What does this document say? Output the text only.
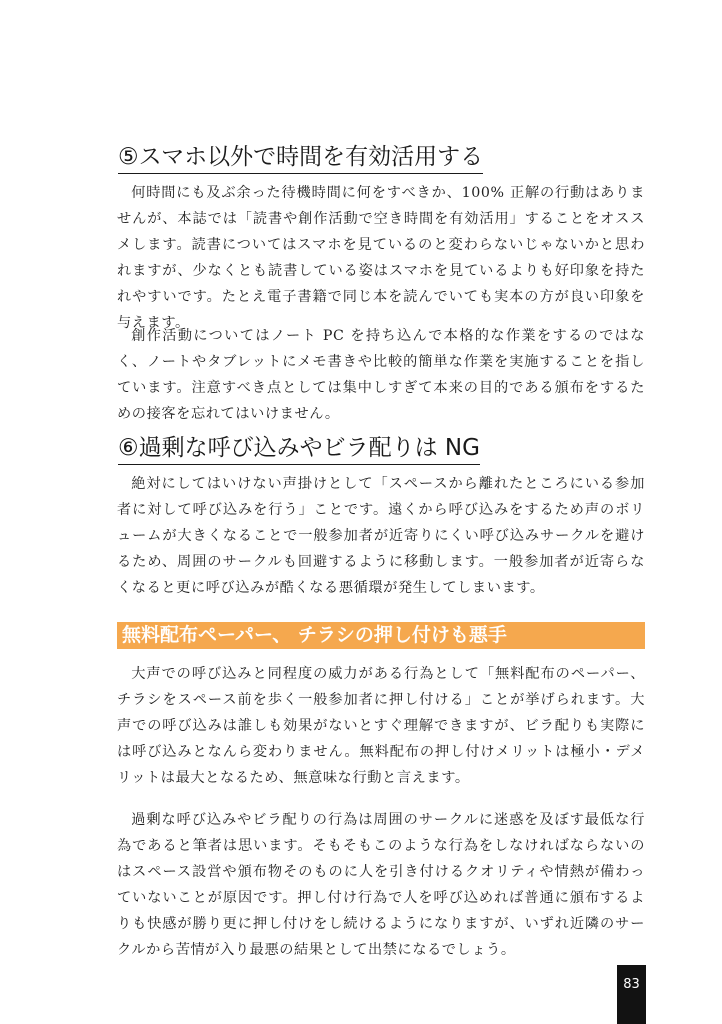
⑤スマホ以外で時間を有効活用する

何時間にも及ぶ余った待機時間に何をすべきか、100% 正解の行動はありませんが、本誌では「読書や創作活動で空き時間を有効活用」することをオススメします。読書についてはスマホを見ているのと変わらないじゃないかと思われますが、少なくとも読書している姿はスマホを見ているよりも好印象を持たれやすいです。たとえ電子書籍で同じ本を読んでいても実本の方が良い印象を与えます。

創作活動についてはノート PC を持ち込んで本格的な作業をするのではなく、ノートやタブレットにメモ書きや比較的簡単な作業を実施することを指しています。注意すべき点としては集中しすぎて本来の目的である頒布をするための接客を忘れてはいけません。

⑥過剰な呼び込みやビラ配りは NG

絶対にしてはいけない声掛けとして「スペースから離れたところにいる参加者に対して呼び込みを行う」ことです。遠くから呼び込みをするため声のボリュームが大きくなることで一般参加者が近寄りにくい呼び込みサークルを避けるため、周囲のサークルも回避するように移動します。一般参加者が近寄らなくなると更に呼び込みが酷くなる悪循環が発生してしまいます。

無料配布ペーパー、 チラシの押し付けも悪手

大声での呼び込みと同程度の威力がある行為として「無料配布のペーパー、チラシをスペース前を歩く一般参加者に押し付ける」ことが挙げられます。大声での呼び込みは誰しも効果がないとすぐ理解できますが、ビラ配りも実際には呼び込みとなんら変わりません。無料配布の押し付けメリットは極小・デメリットは最大となるため、無意味な行動と言えます。

過剰な呼び込みやビラ配りの行為は周囲のサークルに迷惑を及ぼす最低な行為であると筆者は思います。そもそもこのような行為をしなければならないのはスペース設営や頒布物そのものに人を引き付けるクオリティや情熱が備わっていないことが原因です。押し付け行為で人を呼び込めれば普通に頒布するよりも快感が勝り更に押し付けをし続けるようになりますが、いずれ近隣のサークルから苦情が入り最悪の結果として出禁になるでしょう。

83
